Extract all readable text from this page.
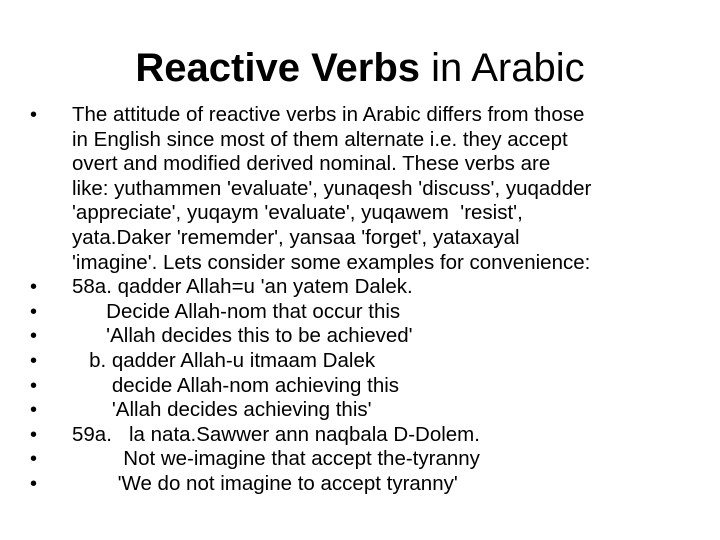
Reactive Verbs in Arabic
• The attitude of reactive verbs in Arabic differs from those
in English since most of them alternate i.e. they accept
overt and modified derived nominal. These verbs are
like: yuthammen 'evaluate', yunaqesh 'discuss', yuqadder
'appreciate', yuqaym 'evaluate', yuqawem  'resist',
yata.Daker 'rememder', yansaa 'forget', yataxayal
'imagine'. Lets consider some examples for convenience:
• 58a. qadder Allah=u 'an yatem Dalek.
• Decide Allah-nom that occur this
• 'Allah decides this to be achieved'
• b. qadder Allah-u itmaam Dalek
• decide Allah-nom achieving this
• 'Allah decides achieving this'
• 59a.   la nata.Sawwer ann naqbala D-Dolem.
• Not we-imagine that accept the-tyranny
• 'We do not imagine to accept tyranny'
